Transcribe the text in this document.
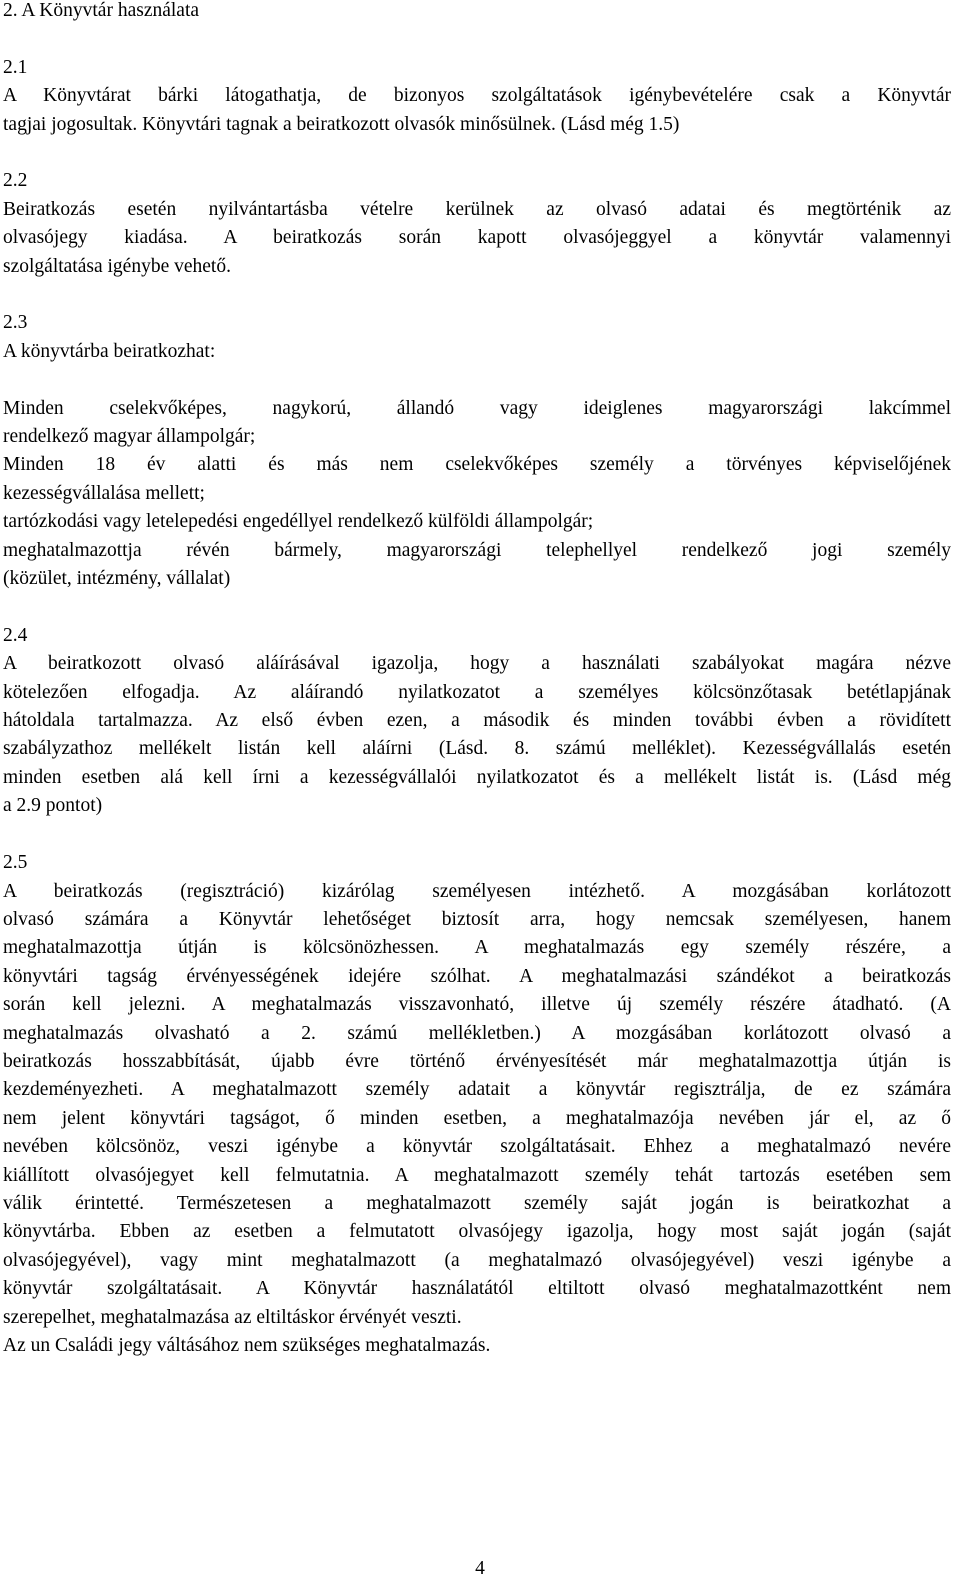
2. A Könyvtár használata
2.1
A Könyvtárat bárki látogathatja, de bizonyos szolgáltatások igénybevételére csak a Könyvtár
tagjai jogosultak. Könyvtári tagnak a beiratkozott olvasók minősülnek. (Lásd még 1.5)
2.2
Beiratkozás esetén nyilvántartásba vételre kerülnek az olvasó adatai és megtörténik az
olvasójegy kiadása. A beiratkozás során kapott olvasójeggyel a könyvtár valamennyi
szolgáltatása igénybe vehető.
2.3
A könyvtárba beiratkozhat:
Minden cselekvőképes, nagykorú, állandó vagy ideiglenes magyarországi lakcímmel
rendelkező magyar állampolgár;
Minden 18 év alatti és más nem cselekvőképes személy a törvényes képviselőjének
kezességvállalása mellett;
tartózkodási vagy letelepedési engedéllyel rendelkező külföldi állampolgár;
meghatalmazottja révén bármely, magyarországi telephellyel rendelkező jogi személy
(közület, intézmény, vállalat)
2.4
A beiratkozott olvasó aláírásával igazolja, hogy a használati szabályokat magára nézve
kötelezően elfogadja. Az aláírandó nyilatkozatot a személyes kölcsönzőtasak betétlapjának
hátoldala tartalmazza. Az első évben ezen, a második és minden további évben a rövidített
szabályzathoz mellékelt listán kell aláírni (Lásd. 8. számú melléklet). Kezességvállalás esetén
minden esetben alá kell írni a kezességvállalói nyilatkozatot és a mellékelt listát is. (Lásd még
a 2.9 pontot)
2.5
A beiratkozás (regisztráció) kizárólag személyesen intézhető. A mozgásában korlátozott
olvasó számára a Könyvtár lehetőséget biztosít arra, hogy nemcsak személyesen, hanem
meghatalmazottja útján is kölcsönözhessen. A meghatalmazás egy személy részére, a
könyvtári tagság érvényességének idejére szólhat. A meghatalmazási szándékot a beiratkozás
során kell jelezni. A meghatalmazás visszavonható, illetve új személy részére átadható. (A
meghatalmazás olvasható a 2. számú mellékletben.) A mozgásában korlátozott olvasó a
beiratkozás hosszabbítását, újabb évre történő érvényesítését már meghatalmazottja útján is
kezdeményezheti. A meghatalmazott személy adatait a könyvtár regisztrálja, de ez számára
nem jelent könyvtári tagságot, ő minden esetben, a meghatalmazója nevében jár el, az ő
nevében kölcsönöz, veszi igénybe a könyvtár szolgáltatásait. Ehhez a meghatalmazó nevére
kiállított olvasójegyet kell felmutatnia. A meghatalmazott személy tehát tartozás esetében sem
válik érintetté. Természetesen a meghatalmazott személy saját jogán is beiratkozhat a
könyvtárba. Ebben az esetben a felmutatott olvasójegy igazolja, hogy most saját jogán (saját
olvasójegyével), vagy mint meghatalmazott (a meghatalmazó olvasójegyével) veszi igénybe a
könyvtár szolgáltatásait. A Könyvtár használatától eltiltott olvasó meghatalmazottként nem
szerepelhet, meghatalmazása az eltiltáskor érvényét veszti.
Az un Családi jegy váltásához nem szükséges meghatalmazás.
4
